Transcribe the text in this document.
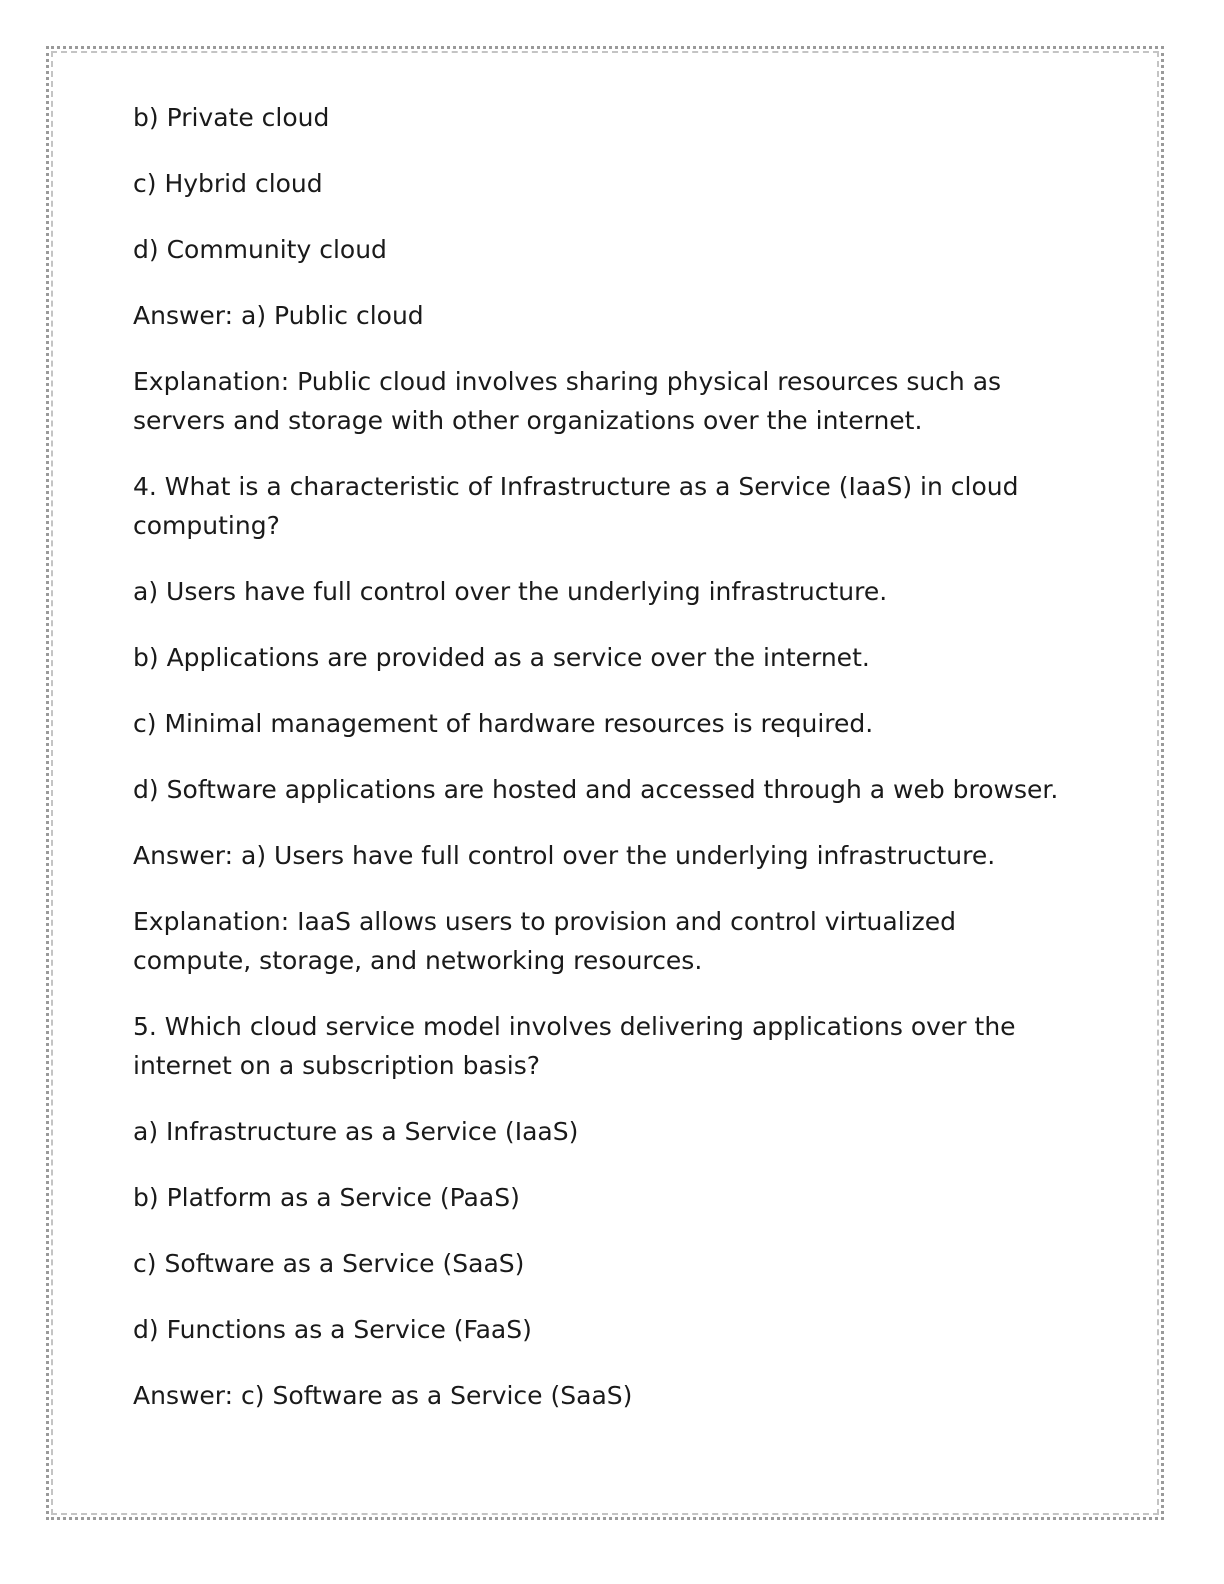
b) Private cloud

c) Hybrid cloud

d) Community cloud

Answer: a) Public cloud

Explanation: Public cloud involves sharing physical resources such as servers and storage with other organizations over the internet.

4. What is a characteristic of Infrastructure as a Service (IaaS) in cloud computing?

a) Users have full control over the underlying infrastructure.

b) Applications are provided as a service over the internet.

c) Minimal management of hardware resources is required.

d) Software applications are hosted and accessed through a web browser.

Answer: a) Users have full control over the underlying infrastructure.

Explanation: IaaS allows users to provision and control virtualized compute, storage, and networking resources.

5. Which cloud service model involves delivering applications over the internet on a subscription basis?

a) Infrastructure as a Service (IaaS)

b) Platform as a Service (PaaS)

c) Software as a Service (SaaS)

d) Functions as a Service (FaaS)

Answer: c) Software as a Service (SaaS)
